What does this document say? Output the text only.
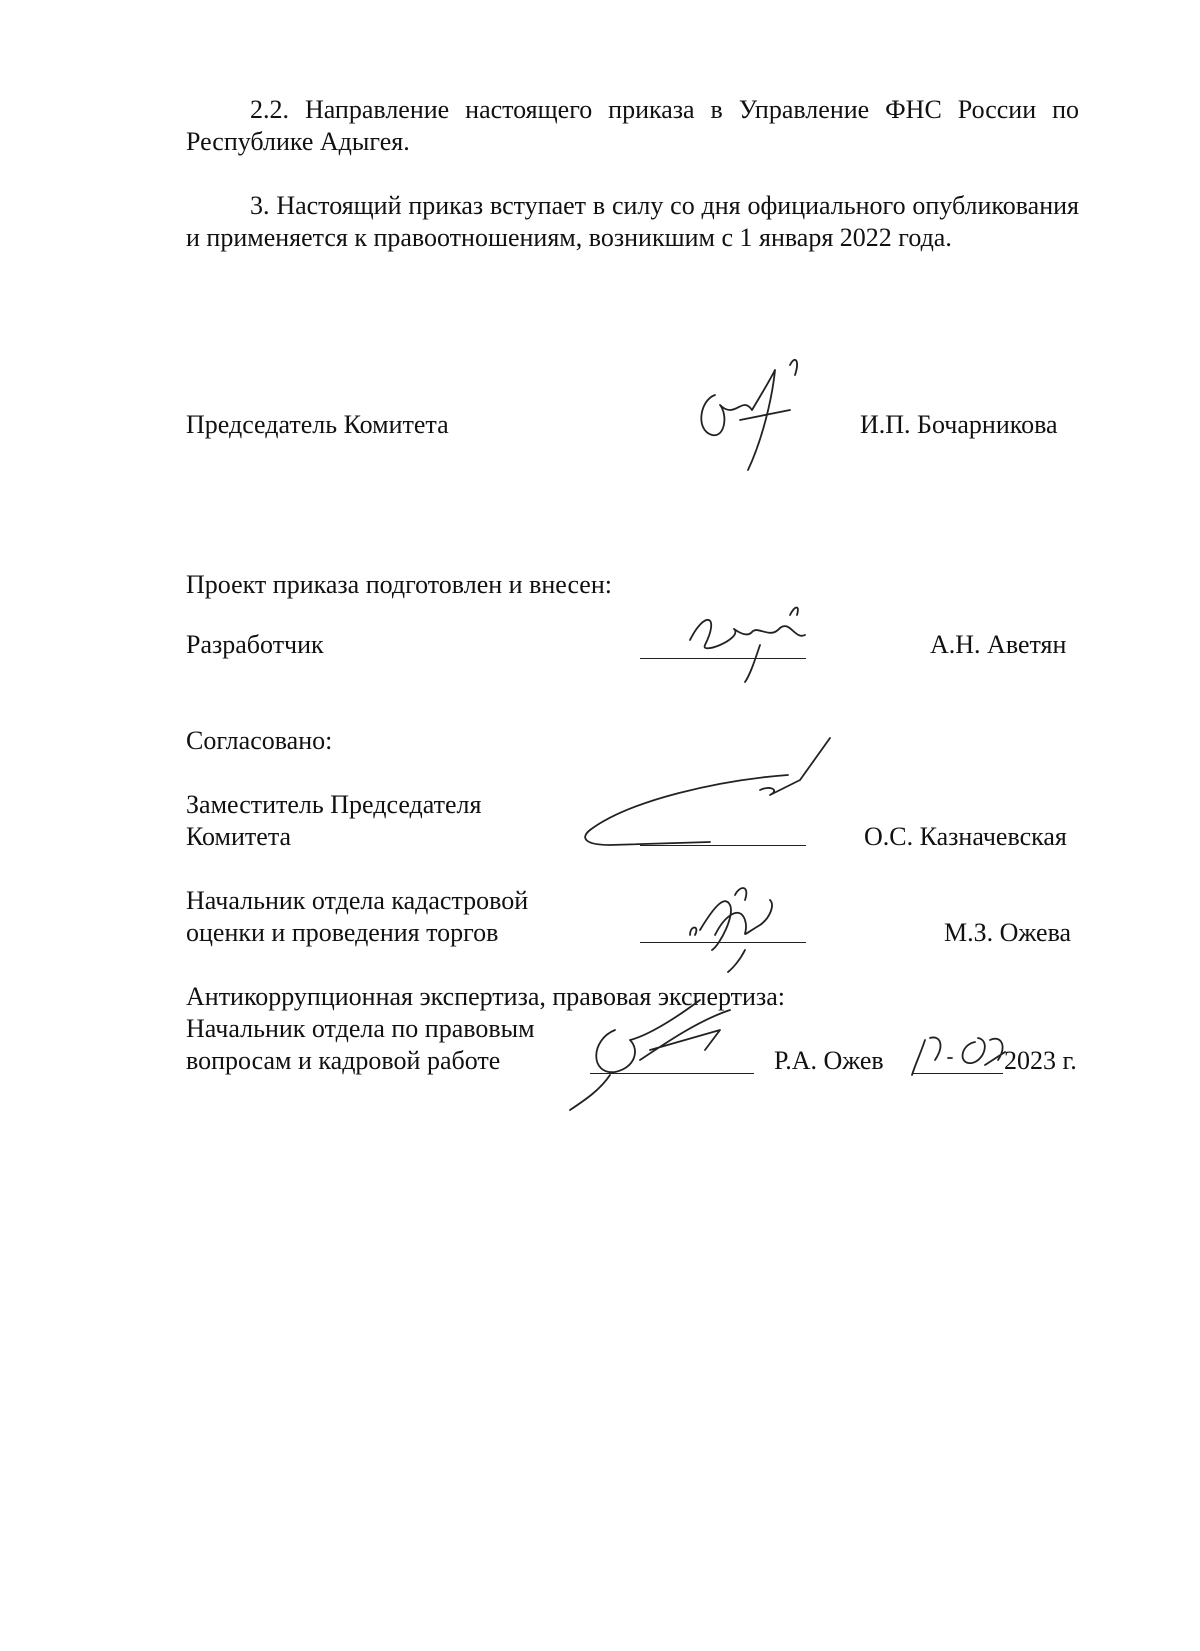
2.2. Направление настоящего приказа в Управление ФНС России по Республике Адыгея.

3. Настоящий приказ вступает в силу со дня официального опубликования и применяется к правоотношениям, возникшим с 1 января 2022 года.

Председатель Комитета	И.П. Бочарникова
Проект приказа подготовлен и внесен:
Разработчик	А.Н. Аветян
Согласовано:
Заместитель Председателя
Комитета	О.С. Казначевская
Начальник отдела кадастровой
оценки и проведения торгов	М.З. Ожева
Антикоррупционная экспертиза, правовая экспертиза:
Начальник отдела по правовым
вопросам и кадровой работе	Р.А. Ожев	2023 г.
